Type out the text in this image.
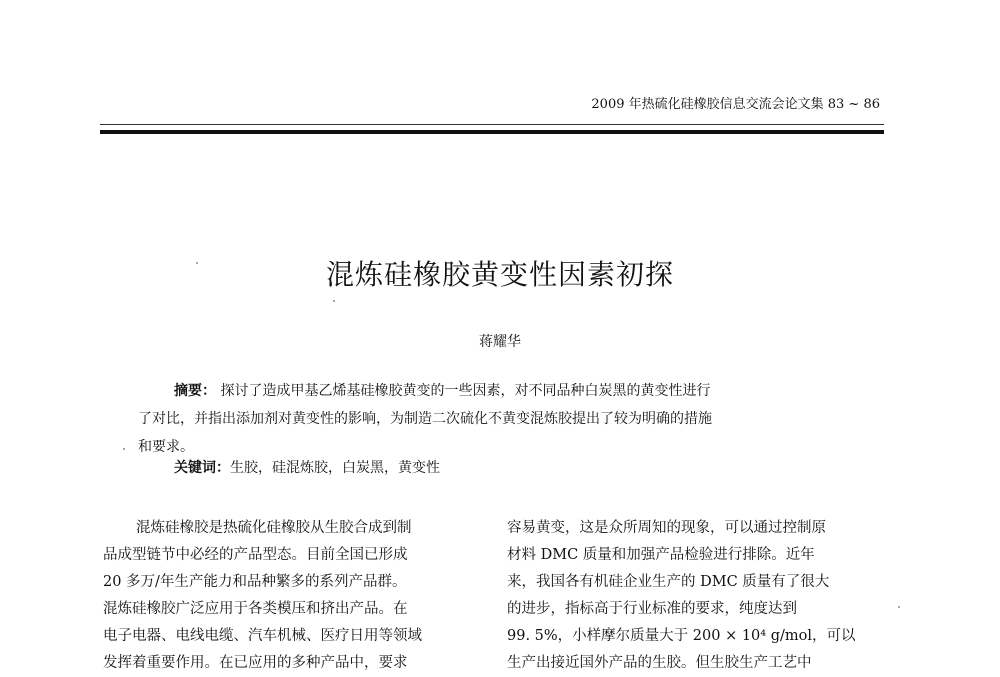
2009 年热硫化硅橡胶信息交流会论文集 83 ~ 86
混炼硅橡胶黄变性因素初探
蒋耀华
摘要： 探讨了造成甲基乙烯基硅橡胶黄变的一些因素，对不同品种白炭黑的黄变性进行
了对比，并指出添加剂对黄变性的影响，为制造二次硫化不黄变混炼胶提出了较为明确的措施
和要求。
关键词：生胶，硅混炼胶，白炭黑，黄变性
混炼硅橡胶是热硫化硅橡胶从生胶合成到制
品成型链节中必经的产品型态。目前全国已形成
20 多万/年生产能力和品种繁多的系列产品群。
混炼硅橡胶广泛应用于各类模压和挤出产品。在
电子电器、电线电缆、汽车机械、医疗日用等领域
发挥着重要作用。在已应用的多种产品中，要求
容易黄变，这是众所周知的现象，可以通过控制原
材料 DMC 质量和加强产品检验进行排除。近年
来，我国各有机硅企业生产的 DMC 质量有了很大
的进步，指标高于行业标准的要求，纯度达到
99. 5%，小样摩尔质量大于 200 × 10⁴ g/mol，可以
生产出接近国外产品的生胶。但生胶生产工艺中
